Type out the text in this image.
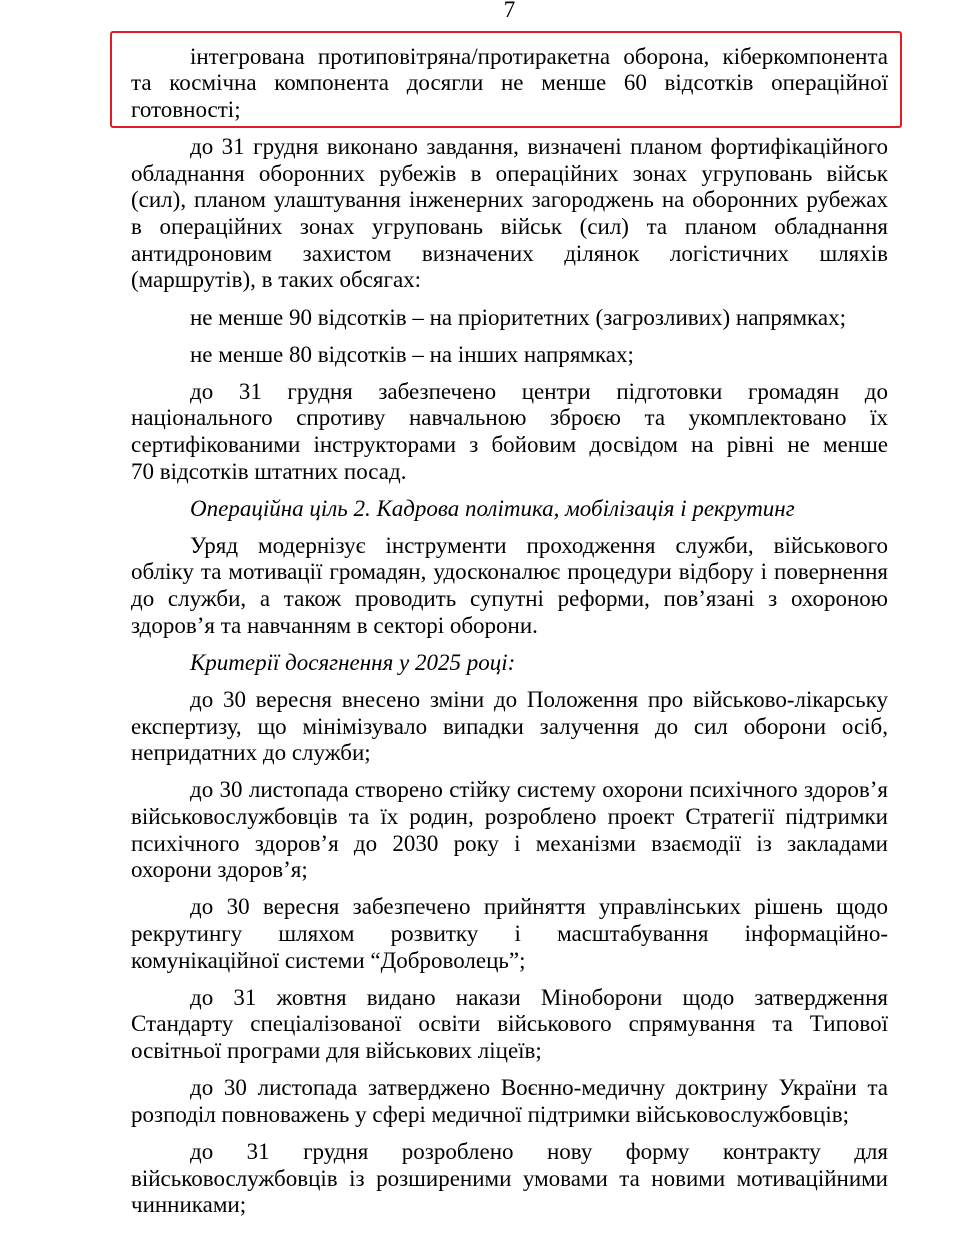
7
інтегрована протиповітряна/протиракетна оборона, кіберкомпонента
та космічна компонента досягли не менше 60 відсотків операційної
готовності;
до 31 грудня виконано завдання, визначені планом фортифікаційного
обладнання оборонних рубежів в операційних зонах угруповань військ
(сил), планом улаштування інженерних загороджень на оборонних рубежах
в операційних зонах угруповань військ (сил) та планом обладнання
антидроновим захистом визначених ділянок логістичних шляхів
(маршрутів), в таких обсягах:
не менше 90 відсотків – на пріоритетних (загрозливих) напрямках;
не менше 80 відсотків – на інших напрямках;
до 31 грудня забезпечено центри підготовки громадян до
національного спротиву навчальною зброєю та укомплектовано їх
сертифікованими інструкторами з бойовим досвідом на рівні не менше
70 відсотків штатних посад.
Операційна ціль 2. Кадрова політика, мобілізація і рекрутинг
Уряд модернізує інструменти проходження служби, військового
обліку та мотивації громадян, удосконалює процедури відбору і повернення
до служби, а також проводить супутні реформи, пов’язані з охороною
здоров’я та навчанням в секторі оборони.
Критерії досягнення у 2025 році:
до 30 вересня внесено зміни до Положення про військово-лікарську
експертизу, що мінімізувало випадки залучення до сил оборони осіб,
непридатних до служби;
до 30 листопада створено стійку систему охорони психічного здоров’я
військовослужбовців та їх родин, розроблено проект Стратегії підтримки
психічного здоров’я до 2030 року і механізми взаємодії із закладами
охорони здоров’я;
до 30 вересня забезпечено прийняття управлінських рішень щодо
рекрутингу шляхом розвитку і масштабування інформаційно-
комунікаційної системи “Доброволець”;
до 31 жовтня видано накази Міноборони щодо затвердження
Стандарту спеціалізованої освіти військового спрямування та Типової
освітньої програми для військових ліцеїв;
до 30 листопада затверджено Воєнно-медичну доктрину України та
розподіл повноважень у сфері медичної підтримки військовослужбовців;
до 31 грудня розроблено нову форму контракту для
військовослужбовців із розширеними умовами та новими мотиваційними
чинниками;
